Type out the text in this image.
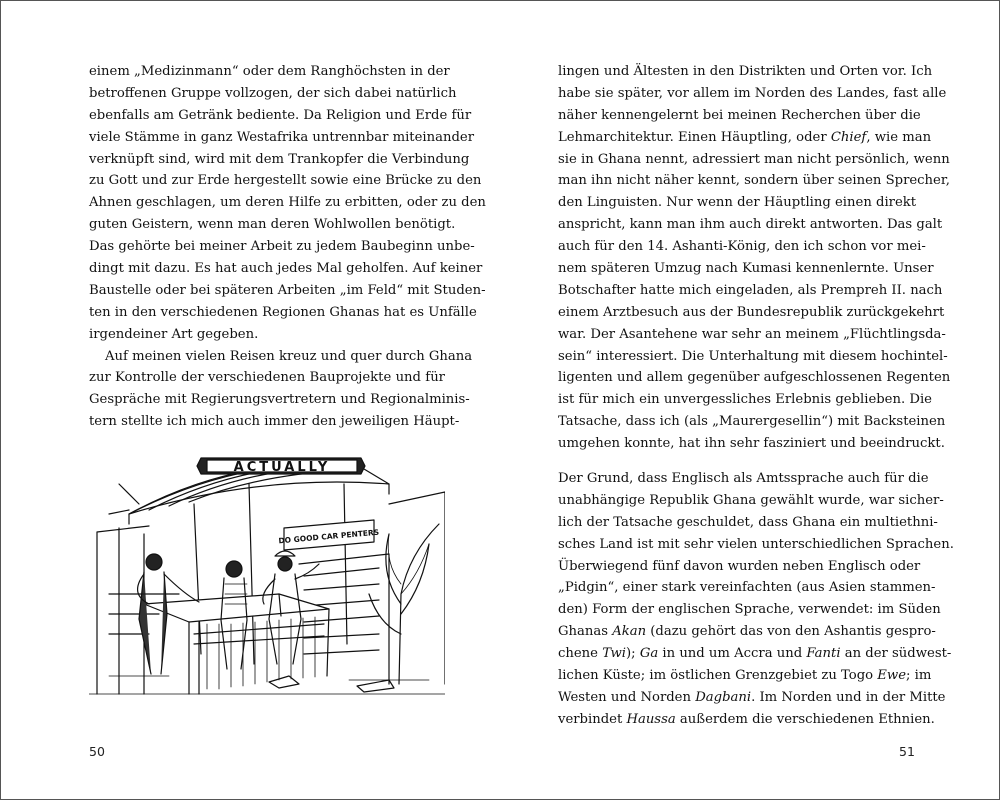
einem „Medizinmann“ oder dem Ranghöchsten in der
betroffenen Gruppe vollzogen, der sich dabei natürlich
ebenfalls am Getränk bediente. Da Religion und Erde für
viele Stämme in ganz Westafrika untrennbar miteinander
verknüpft sind, wird mit dem Trankopfer die Verbindung
zu Gott und zur Erde hergestellt sowie eine Brücke zu den
Ahnen geschlagen, um deren Hilfe zu erbitten, oder zu den
guten Geistern, wenn man deren Wohlwollen benötigt.
Das gehörte bei meiner Arbeit zu jedem Baubeginn unbe-
dingt mit dazu. Es hat auch jedes Mal geholfen. Auf keiner
Baustelle oder bei späteren Arbeiten „im Feld“ mit Studen-
ten in den verschiedenen Regionen Ghanas hat es Unfälle
irgendeiner Art gegeben.
Auf meinen vielen Reisen kreuz und quer durch Ghana
zur Kontrolle der verschiedenen Bauprojekte und für
Gespräche mit Regierungsvertretern und Regionalminis-
tern stellte ich mich auch immer den jeweiligen Häupt-
ACTUALLY
DO GOOD CAR PENTERS
50
lingen und Ältesten in den Distrikten und Orten vor. Ich
habe sie später, vor allem im Norden des Landes, fast alle
näher kennengelernt bei meinen Recherchen über die
Lehmarchitektur. Einen Häuptling, oder Chief, wie man
sie in Ghana nennt, adressiert man nicht persönlich, wenn
man ihn nicht näher kennt, sondern über seinen Sprecher,
den Linguisten. Nur wenn der Häuptling einen direkt
anspricht, kann man ihm auch direkt antworten. Das galt
auch für den 14. Ashanti-König, den ich schon vor mei-
nem späteren Umzug nach Kumasi kennenlernte. Unser
Botschafter hatte mich eingeladen, als Prempreh II. nach
einem Arztbesuch aus der Bundesrepublik zurückgekehrt
war. Der Asantehene war sehr an meinem „Flüchtlingsda-
sein“ interessiert. Die Unterhaltung mit diesem hochintel-
ligenten und allem gegenüber aufgeschlossenen Regenten
ist für mich ein unvergessliches Erlebnis geblieben. Die
Tatsache, dass ich (als „Maurergesellin“) mit Backsteinen
umgehen konnte, hat ihn sehr fasziniert und beeindruckt.
Der Grund, dass Englisch als Amtssprache auch für die
unabhängige Republik Ghana gewählt wurde, war sicher-
lich der Tatsache geschuldet, dass Ghana ein multiethni-
sches Land ist mit sehr vielen unterschiedlichen Sprachen.
Überwiegend fünf davon wurden neben Englisch oder
„Pidgin“, einer stark vereinfachten (aus Asien stammen-
den) Form der englischen Sprache, verwendet: im Süden
Ghanas Akan (dazu gehört das von den Ashantis gespro-
chene Twi); Ga in und um Accra und Fanti an der südwest-
lichen Küste; im östlichen Grenzgebiet zu Togo Ewe; im
Westen und Norden Dagbani. Im Norden und in der Mitte
verbindet Haussa außerdem die verschiedenen Ethnien.
51
